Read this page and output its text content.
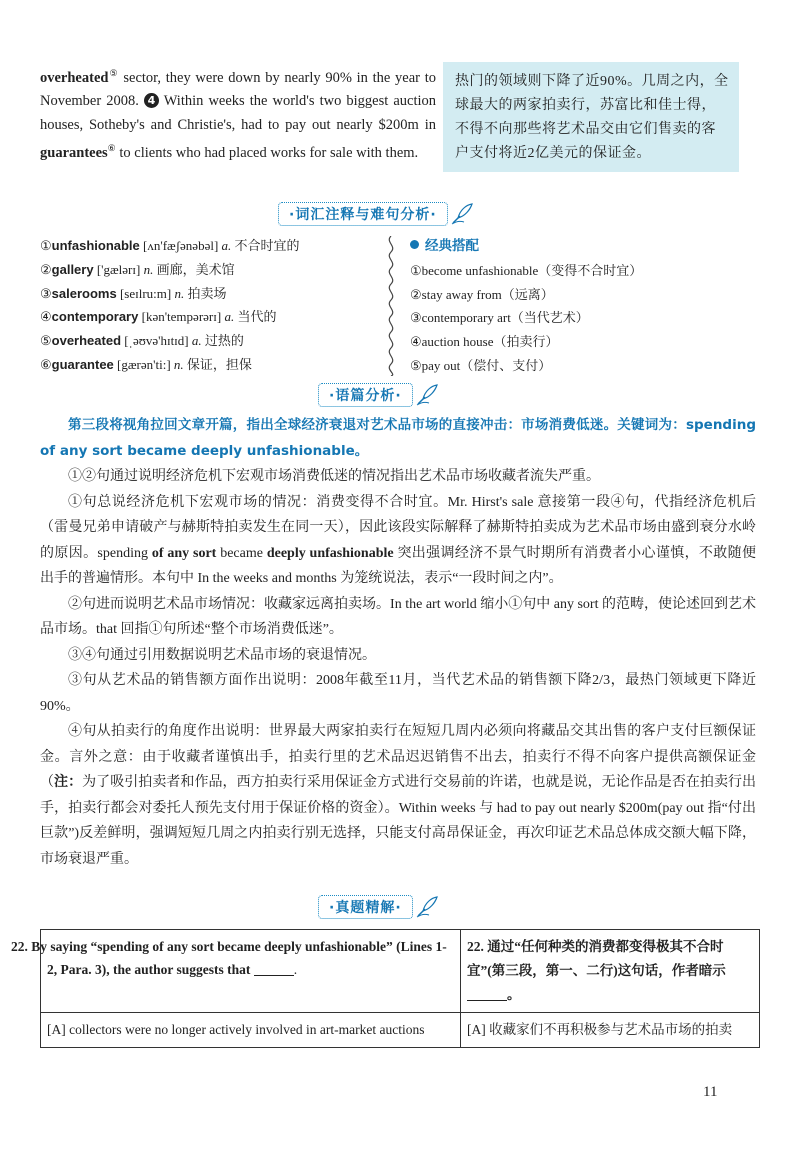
overheated⑤ sector, they were down by nearly 90% in the year to November 2008. 4 Within weeks the world's two biggest auction houses, Sotheby's and Christie's, had to pay out nearly $200m in guarantees⑥ to clients who had placed works for sale with them.
热门的领域则下降了近90%。几周之内，全球最大的两家拍卖行，苏富比和佳士得，不得不向那些将艺术品交由它们售卖的客户支付将近2亿美元的保证金。
·词汇注释与难句分析·
①unfashionable [ʌn'fæʃənəbəl] a. 不合时宜的
②gallery ['gælərɪ] n. 画廊，美术馆
③salerooms [seɪlru:m] n. 拍卖场
④contemporary [kən'tempərərɪ] a. 当代的
⑤overheated [ˌəʊvə'hɪtɪd] a. 过热的
⑥guarantee [gærən'ti:] n. 保证，担保
经典搭配
①become unfashionable（变得不合时宜）
②stay away from（远离）
③contemporary art（当代艺术）
④auction house（拍卖行）
⑤pay out（偿付、支付）
·语篇分析·

第三段将视角拉回文章开篇，指出全球经济衰退对艺术品市场的直接冲击：市场消费低迷。关键词为：spending of any sort became deeply unfashionable。

①②句通过说明经济危机下宏观市场消费低迷的情况指出艺术品市场收藏者流失严重。

①句总说经济危机下宏观市场的情况：消费变得不合时宜。Mr. Hirst's sale 意接第一段④句，代指经济危机后（雷曼兄弟申请破产与赫斯特拍卖发生在同一天），因此该段实际解释了赫斯特拍卖成为艺术品市场由盛到衰分水岭的原因。spending of any sort became deeply unfashionable 突出强调经济不景气时期所有消费者小心谨慎，不敢随便出手的普遍情形。本句中 In the weeks and months 为笼统说法，表示“一段时间之内”。

②句进而说明艺术品市场情况：收藏家远离拍卖场。In the art world 缩小①句中 any sort 的范畴，使论述回到艺术品市场。that 回指①句所述“整个市场消费低迷”。

③④句通过引用数据说明艺术品市场的衰退情况。

③句从艺术品的销售额方面作出说明：2008年截至11月，当代艺术品的销售额下降2/3，最热门领域更下降近90%。

④句从拍卖行的角度作出说明：世界最大两家拍卖行在短短几周内必须向将藏品交其出售的客户支付巨额保证金。言外之意：由于收藏者谨慎出手，拍卖行里的艺术品迟迟销售不出去，拍卖行不得不向客户提供高额保证金（注：为了吸引拍卖者和作品，西方拍卖行采用保证金方式进行交易前的许诺，也就是说，无论作品是否在拍卖行出手，拍卖行都会对委托人预先支付用于保证价格的资金）。Within weeks 与 had to pay out nearly $200m(pay out 指“付出巨款”)反差鲜明，强调短短几周之内拍卖行别无选择，只能支付高昂保证金，再次印证艺术品总体成交额大幅下降，市场衰退严重。

·真题精解·
22. By saying “spending of any sort became deeply unfashionable” (Lines 1-2, Para. 3), the author suggests that .	22. 通过“任何种类的消费都变得极其不合时宜”(第三段，第一、二行)这句话，作者暗示。
[A] collectors were no longer actively involved in art-market auctions	[A] 收藏家们不再积极参与艺术品市场的拍卖
11
